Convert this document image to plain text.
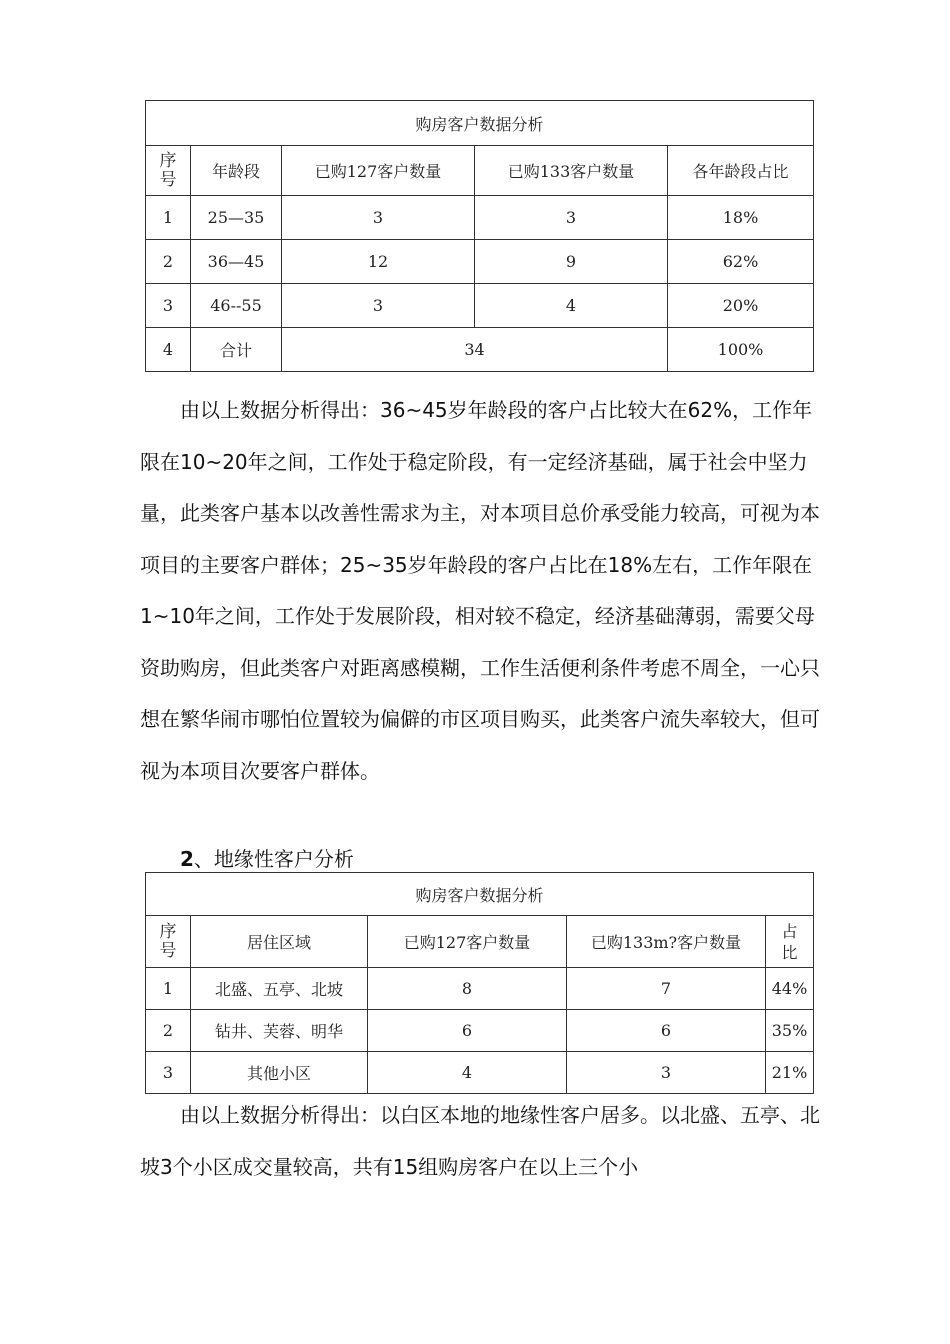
购房客户数据分析				
序号	年龄段	已购127客户数量	已购133客户数量	各年龄段占比
1	25—35	3	3	18%
2	36—45	12	9	62%
3	46--55	3	4	20%
4	合计	34		100%

由以上数据分析得出：36~45岁年龄段的客户占比较大在62%，工作年限在10~20年之间，工作处于稳定阶段，有一定经济基础，属于社会中坚力量，此类客户基本以改善性需求为主，对本项目总价承受能力较高，可视为本项目的主要客户群体；25~35岁年龄段的客户占比在18%左右，工作年限在1~10年之间，工作处于发展阶段，相对较不稳定，经济基础薄弱，需要父母资助购房，但此类客户对距离感模糊，工作生活便利条件考虑不周全，一心只想在繁华闹市哪怕位置较为偏僻的市区项目购买，此类客户流失率较大，但可视为本项目次要客户群体。

2、地缘性客户分析
购房客户数据分析				
序号	居住区域	已购127客户数量	已购133m?客户数量	占比
1	北盛、五亭、北坡	8	7	44%
2	钻井、芙蓉、明华	6	6	35%
3	其他小区	4	3	21%

由以上数据分析得出：以白区本地的地缘性客户居多。以北盛、五亭、北坡3个小区成交量较高，共有15组购房客户在以上三个小
